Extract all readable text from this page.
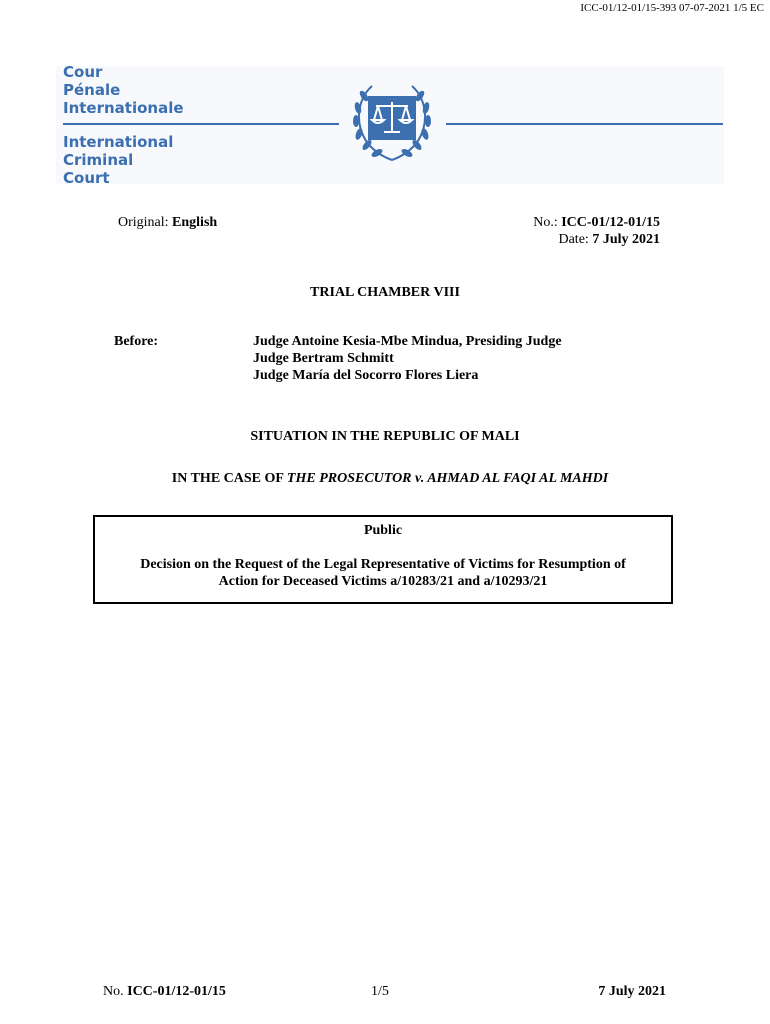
ICC-01/12-01/15-393 07-07-2021 1/5 EC
Cour
Pénale
Internationale
International
Criminal
Court
Original: English	No.: ICC-01/12-01/15
Date: 7 July 2021
TRIAL CHAMBER VIII
Before:	Judge Antoine Kesia-Mbe Mindua, Presiding Judge
Judge Bertram Schmitt
Judge María del Socorro Flores Liera
SITUATION IN THE REPUBLIC OF MALI
IN THE CASE OF THE PROSECUTOR v. AHMAD AL FAQI AL MAHDI
Public
Decision on the Request of the Legal Representative of Victims for Resumption of
Action for Deceased Victims a/10283/21 and a/10293/21
No. ICC-01/12-01/15	1/5	7 July 2021
